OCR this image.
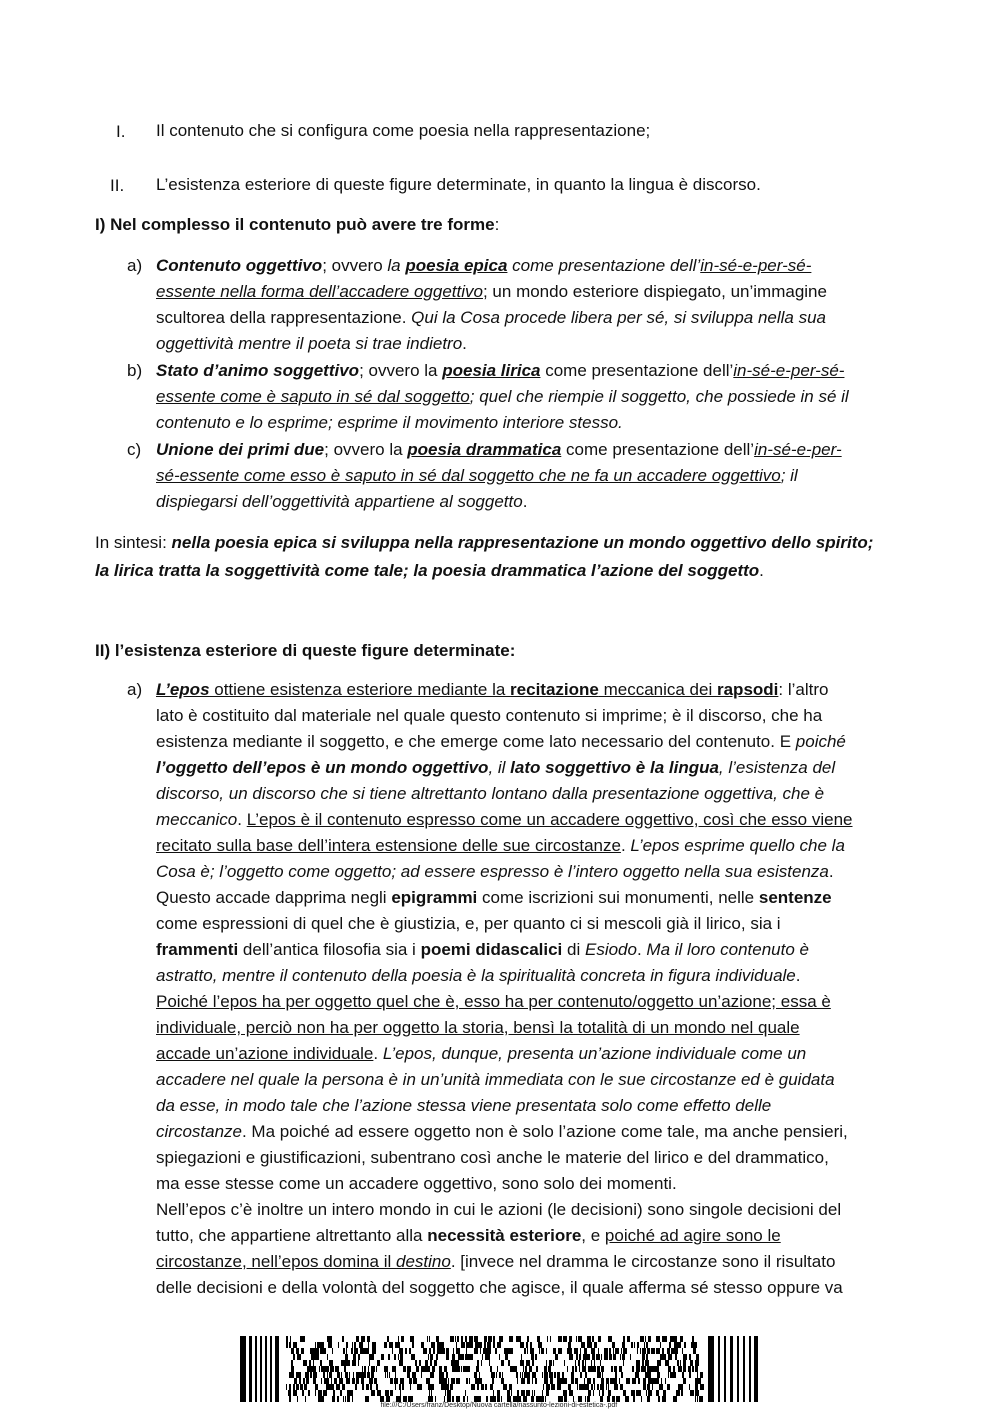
I. Il contenuto che si configura come poesia nella rappresentazione;
II. L’esistenza esteriore di queste figure determinate, in quanto la lingua è discorso.
I) Nel complesso il contenuto può avere tre forme:
a) Contenuto oggettivo; ovvero la poesia epica come presentazione dell’in-sé-e-per-sé-
essente nella forma dell’accadere oggettivo; un mondo esteriore dispiegato, un’immagine
scultorea della rappresentazione. Qui la Cosa procede libera per sé, si sviluppa nella sua
oggettività mentre il poeta si trae indietro.
b) Stato d’animo soggettivo; ovvero la poesia lirica come presentazione dell’in-sé-e-per-sé-
essente come è saputo in sé dal soggetto; quel che riempie il soggetto, che possiede in sé il
contenuto e lo esprime; esprime il movimento interiore stesso.
c) Unione dei primi due; ovvero la poesia drammatica come presentazione dell’in-sé-e-per-
sé-essente come esso è saputo in sé dal soggetto che ne fa un accadere oggettivo; il
dispiegarsi dell’oggettività appartiene al soggetto.
In sintesi: nella poesia epica si sviluppa nella rappresentazione un mondo oggettivo dello spirito;
la lirica tratta la soggettività come tale; la poesia drammatica l’azione del soggetto.
II) l’esistenza esteriore di queste figure determinate:
a) L’epos ottiene esistenza esteriore mediante la recitazione meccanica dei rapsodi: l’altro
lato è costituito dal materiale nel quale questo contenuto si imprime; è il discorso, che ha
esistenza mediante il soggetto, e che emerge come lato necessario del contenuto. E poiché
l’oggetto dell’epos è un mondo oggettivo, il lato soggettivo è la lingua, l’esistenza del
discorso, un discorso che si tiene altrettanto lontano dalla presentazione oggettiva, che è
meccanico. L’epos è il contenuto espresso come un accadere oggettivo, così che esso viene
recitato sulla base dell’intera estensione delle sue circostanze. L’epos esprime quello che la
Cosa è; l’oggetto come oggetto; ad essere espresso è l’intero oggetto nella sua esistenza.
Questo accade dapprima negli epigrammi come iscrizioni sui monumenti, nelle sentenze
come espressioni di quel che è giustizia, e, per quanto ci si mescoli già il lirico, sia i
frammenti dell’antica filosofia sia i poemi didascalici di Esiodo. Ma il loro contenuto è
astratto, mentre il contenuto della poesia è la spiritualità concreta in figura individuale.
Poiché l’epos ha per oggetto quel che è, esso ha per contenuto/oggetto un’azione; essa è
individuale, perciò non ha per oggetto la storia, bensì la totalità di un mondo nel quale
accade un’azione individuale. L’epos, dunque, presenta un’azione individuale come un
accadere nel quale la persona è in un’unità immediata con le sue circostanze ed è guidata
da esse, in modo tale che l’azione stessa viene presentata solo come effetto delle
circostanze. Ma poiché ad essere oggetto non è solo l’azione come tale, ma anche pensieri,
spiegazioni e giustificazioni, subentrano così anche le materie del lirico e del drammatico,
ma esse stesse come un accadere oggettivo, sono solo dei momenti.
Nell’epos c’è inoltre un intero mondo in cui le azioni (le decisioni) sono singole decisioni del
tutto, che appartiene altrettanto alla necessità esteriore, e poiché ad agire sono le
circostanze, nell’epos domina il destino. [invece nel dramma le circostanze sono il risultato
delle decisioni e della volontà del soggetto che agisce, il quale afferma sé stesso oppure va
file:///C:/Users/franz/Desktop/Nuova cartella/riassunto-lezioni-di-estetica-.pdf
